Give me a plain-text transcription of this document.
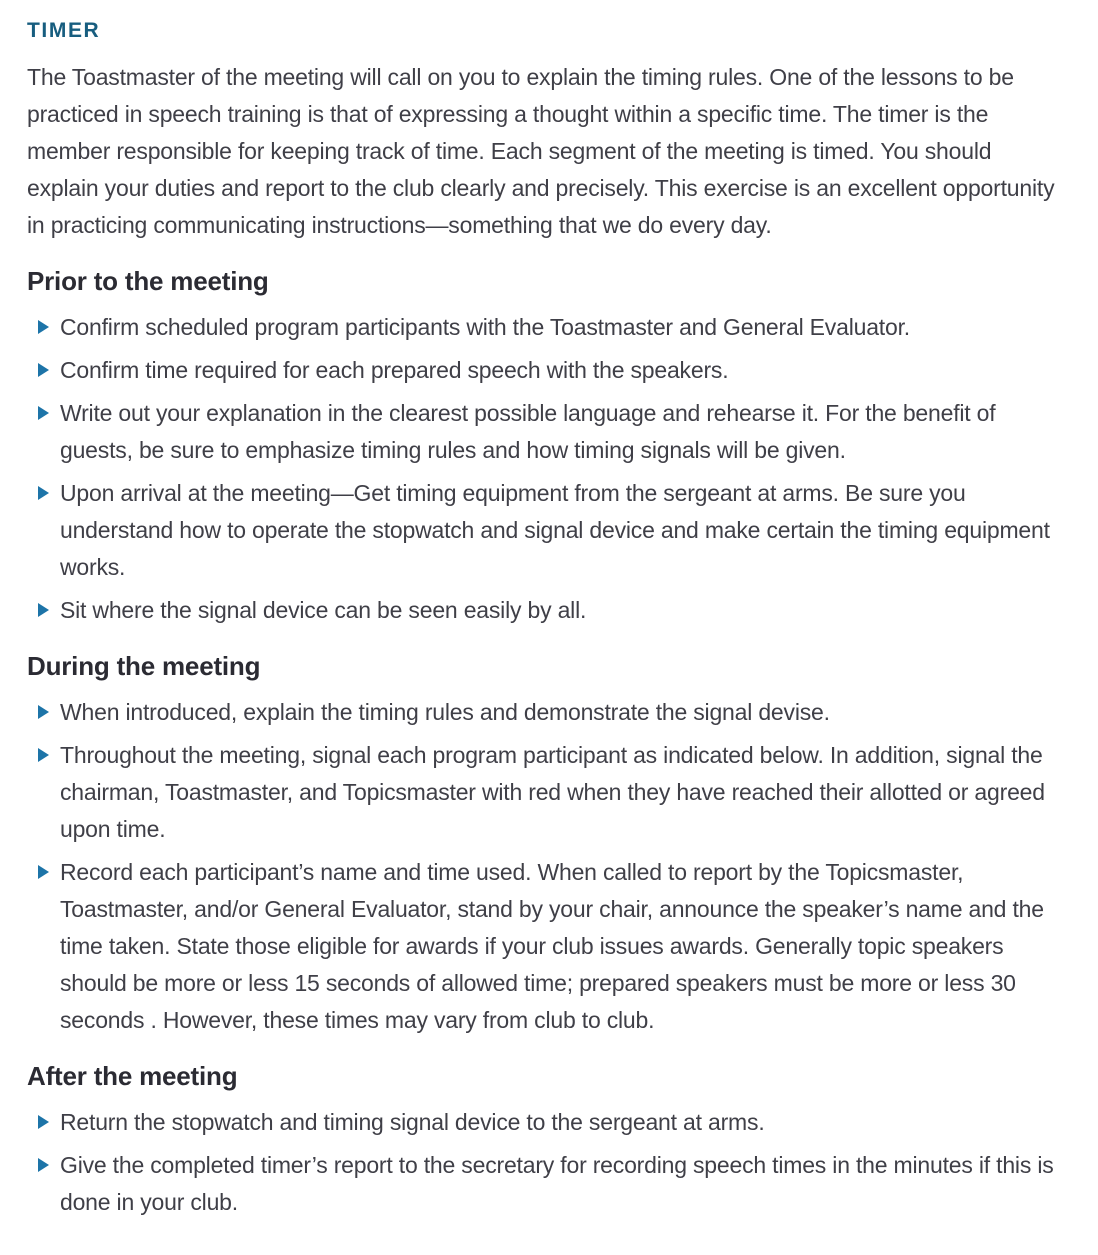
TIMER

The Toastmaster of the meeting will call on you to explain the timing rules. One of the lessons to be practiced in speech training is that of expressing a thought within a specific time. The timer is the member responsible for keeping track of time. Each segment of the meeting is timed. You should explain your duties and report to the club clearly and precisely. This exercise is an excellent opportunity in practicing communicating instructions—something that we do every day.

Prior to the meeting
Confirm scheduled program participants with the Toastmaster and General Evaluator.
Confirm time required for each prepared speech with the speakers.
Write out your explanation in the clearest possible language and rehearse it. For the benefit of guests, be sure to emphasize timing rules and how timing signals will be given.
Upon arrival at the meeting—Get timing equipment from the sergeant at arms. Be sure you understand how to operate the stopwatch and signal device and make certain the timing equipment works.
Sit where the signal device can be seen easily by all.
During the meeting
When introduced, explain the timing rules and demonstrate the signal devise.
Throughout the meeting, signal each program participant as indicated below. In addition, signal the chairman, Toastmaster, and Topicsmaster with red when they have reached their allotted or agreed upon time.
Record each participant’s name and time used. When called to report by the Topicsmaster, Toastmaster, and/or General Evaluator, stand by your chair, announce the speaker’s name and the time taken. State those eligible for awards if your club issues awards. Generally topic speakers should be more or less 15 seconds of allowed time; prepared speakers must be more or less 30 seconds . However, these times may vary from club to club.
After the meeting
Return the stopwatch and timing signal device to the sergeant at arms.
Give the completed timer’s report to the secretary for recording speech times in the minutes if this is done in your club.
